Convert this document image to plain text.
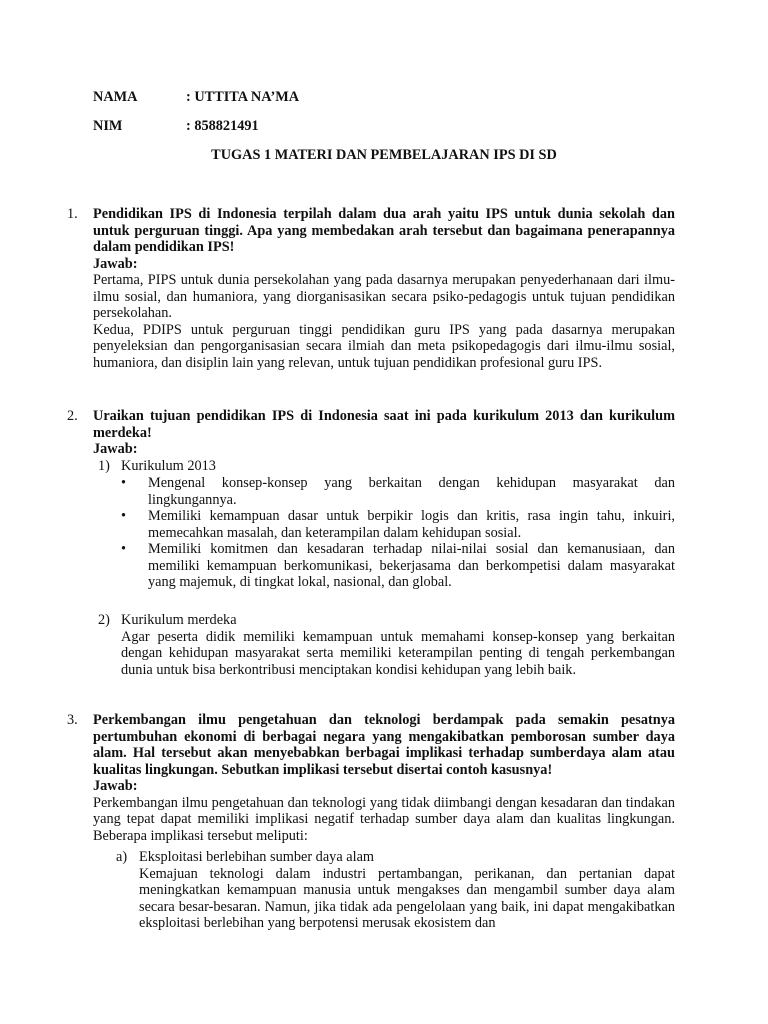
NAMA	: UTTITA NA’MA
NIM	: 858821491
TUGAS 1 MATERI DAN PEMBELAJARAN IPS DI SD
1. Pendidikan IPS di Indonesia terpilah dalam dua arah yaitu IPS untuk dunia sekolah dan untuk perguruan tinggi. Apa yang membedakan arah tersebut dan bagaimana penerapannya dalam pendidikan IPS!

Jawab:

Pertama, PIPS untuk dunia persekolahan yang pada dasarnya merupakan penyederhanaan dari ilmu-ilmu sosial, dan humaniora, yang diorganisasikan secara psiko-pedagogis untuk tujuan pendidikan persekolahan.

Kedua, PDIPS untuk perguruan tinggi pendidikan guru IPS yang pada dasarnya merupakan penyeleksian dan pengorganisasian secara ilmiah dan meta psikopedagogis dari ilmu-ilmu sosial, humaniora, dan disiplin lain yang relevan, untuk tujuan pendidikan profesional guru IPS.

2. Uraikan tujuan pendidikan IPS di Indonesia saat ini pada kurikulum 2013 dan kurikulum merdeka!

Jawab:

1) Kurikulum 2013
• Mengenal konsep-konsep yang berkaitan dengan kehidupan masyarakat dan lingkungannya.
• Memiliki kemampuan dasar untuk berpikir logis dan kritis, rasa ingin tahu, inkuiri, memecahkan masalah, dan keterampilan dalam kehidupan sosial.
• Memiliki komitmen dan kesadaran terhadap nilai-nilai sosial dan kemanusiaan, dan memiliki kemampuan berkomunikasi, bekerjasama dan berkompetisi dalam masyarakat yang majemuk, di tingkat lokal, nasional, dan global.
2) Kurikulum merdeka

Agar peserta didik memiliki kemampuan untuk memahami konsep-konsep yang berkaitan dengan kehidupan masyarakat serta memiliki keterampilan penting di tengah perkembangan dunia untuk bisa berkontribusi menciptakan kondisi kehidupan yang lebih baik.

3. Perkembangan ilmu pengetahuan dan teknologi berdampak pada semakin pesatnya pertumbuhan ekonomi di berbagai negara yang mengakibatkan pemborosan sumber daya alam. Hal tersebut akan menyebabkan berbagai implikasi terhadap sumberdaya alam atau kualitas lingkungan. Sebutkan implikasi tersebut disertai contoh kasusnya!

Jawab:

Perkembangan ilmu pengetahuan dan teknologi yang tidak diimbangi dengan kesadaran dan tindakan yang tepat dapat memiliki implikasi negatif terhadap sumber daya alam dan kualitas lingkungan. Beberapa implikasi tersebut meliputi:

a) Eksploitasi berlebihan sumber daya alam

Kemajuan teknologi dalam industri pertambangan, perikanan, dan pertanian dapat meningkatkan kemampuan manusia untuk mengakses dan mengambil sumber daya alam secara besar-besaran. Namun, jika tidak ada pengelolaan yang baik, ini dapat mengakibatkan eksploitasi berlebihan yang berpotensi merusak ekosistem dan
